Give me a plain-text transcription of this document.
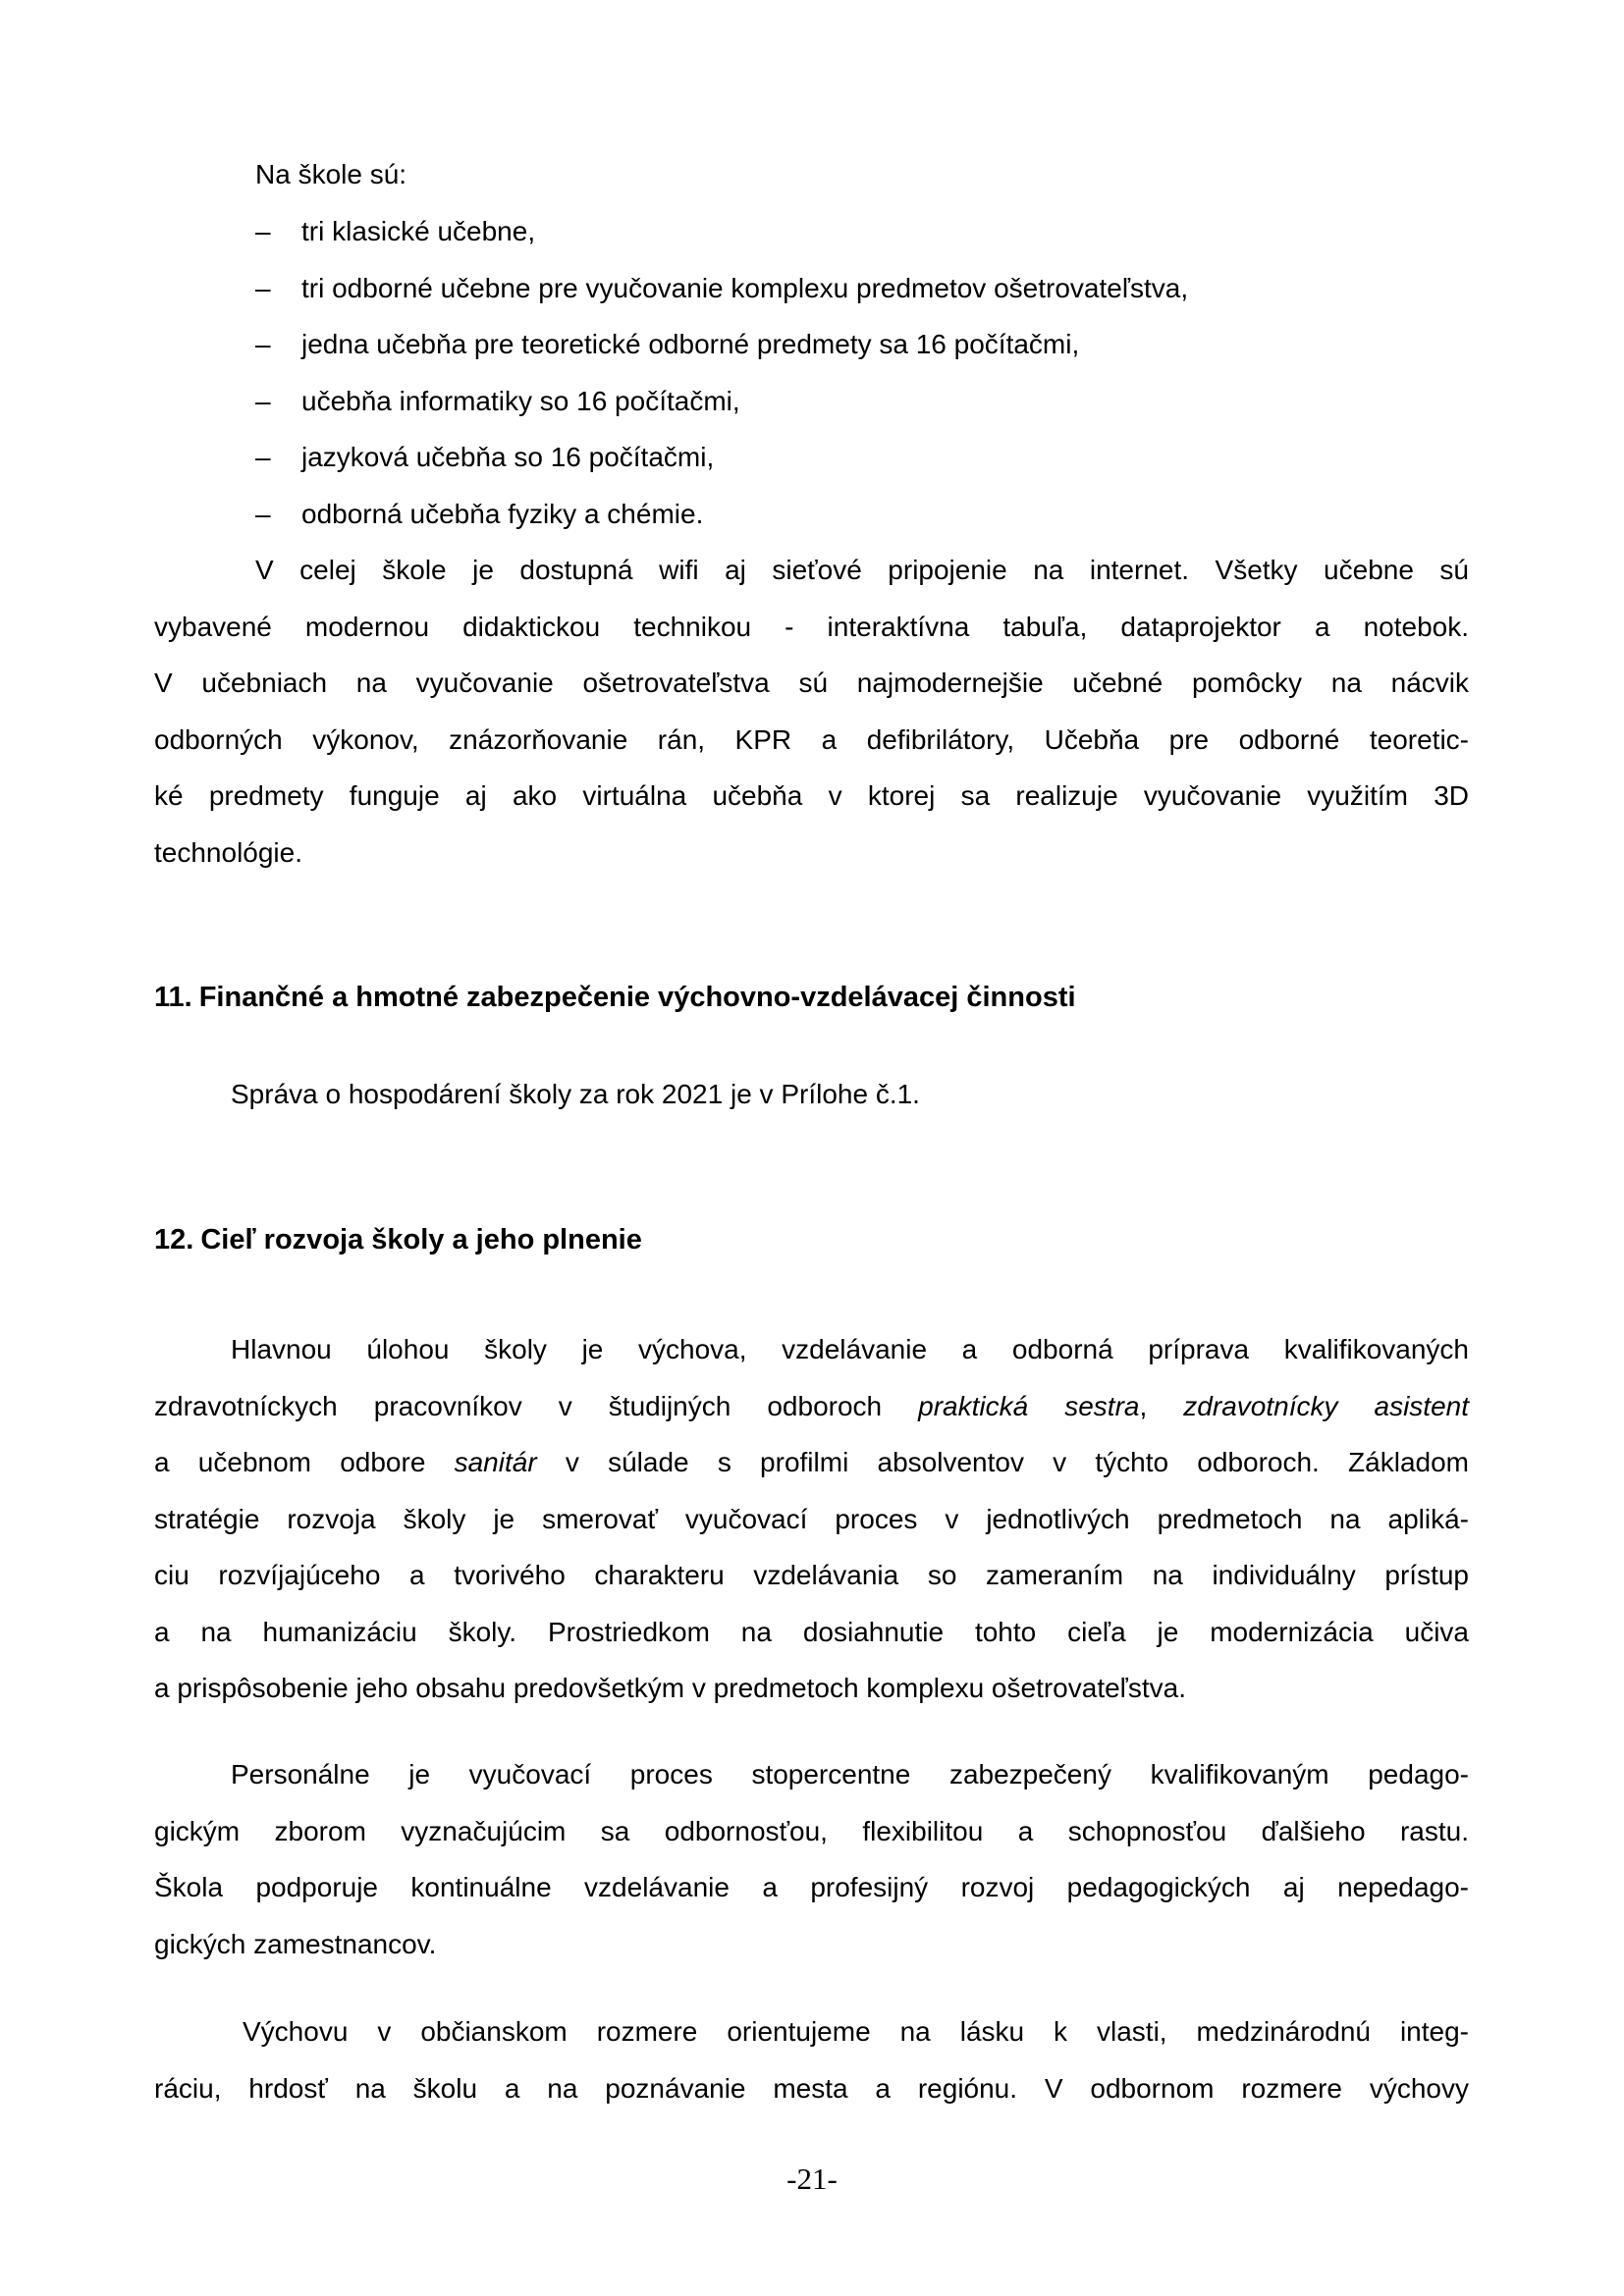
Na škole sú:
– tri klasické učebne,
– tri odborné učebne pre vyučovanie komplexu predmetov ošetrovateľstva,
– jedna učebňa pre teoretické odborné predmety sa 16 počítačmi,
– učebňa informatiky so 16 počítačmi,
– jazyková učebňa so 16 počítačmi,
– odborná učebňa fyziky a chémie.
V celej škole je dostupná wifi aj sieťové pripojenie na internet. Všetky učebne sú
vybavené modernou didaktickou technikou - interaktívna tabuľa, dataprojektor a notebok.
V učebniach na vyučovanie ošetrovateľstva sú najmodernejšie učebné pomôcky na nácvik
odborných výkonov, znázorňovanie rán, KPR a defibrilátory, Učebňa pre odborné teoretic-
ké predmety funguje aj ako virtuálna učebňa v ktorej sa realizuje vyučovanie využitím 3D
technológie.
11. Finančné a hmotné zabezpečenie výchovno-vzdelávacej činnosti
Správa o hospodárení školy za rok 2021 je v Prílohe č.1.
12. Cieľ rozvoja školy a jeho plnenie
Hlavnou úlohou školy je výchova, vzdelávanie a odborná príprava kvalifikovaných
zdravotníckych pracovníkov v študijných odboroch praktická sestra, zdravotnícky asistent
a učebnom odbore sanitár v súlade s profilmi absolventov v týchto odboroch. Základom
stratégie rozvoja školy je smerovať vyučovací proces v jednotlivých predmetoch na apliká-
ciu rozvíjajúceho a tvorivého charakteru vzdelávania so zameraním na individuálny prístup
a na humanizáciu školy. Prostriedkom na dosiahnutie tohto cieľa je modernizácia učiva
a prispôsobenie jeho obsahu predovšetkým v predmetoch komplexu ošetrovateľstva.
Personálne je vyučovací proces stopercentne zabezpečený kvalifikovaným pedago-
gickým zborom vyznačujúcim sa odbornosťou, flexibilitou a schopnosťou ďalšieho rastu.
Škola podporuje kontinuálne vzdelávanie a profesijný rozvoj pedagogických aj nepedago-
gických zamestnancov.
Výchovu v občianskom rozmere orientujeme na lásku k vlasti, medzinárodnú integ-
ráciu, hrdosť na školu a na poznávanie mesta a regiónu. V odbornom rozmere výchovy
-21-
